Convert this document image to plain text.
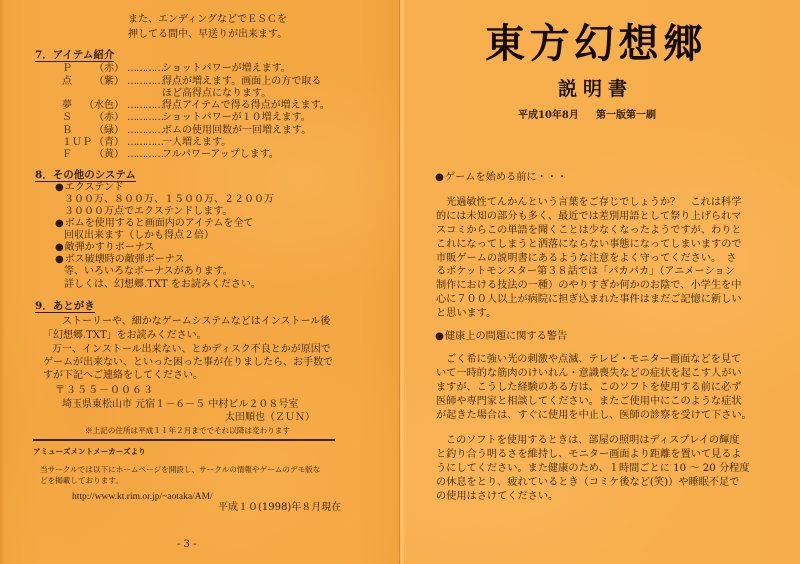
また、エンディングなどでＥＳＣを
押してる間中、早送りが出来ます。
7．アイテム紹介
Ｐ （赤） ………… ショットパワーが増えます。
点 （紫） ………… 得点が増えます。画面上の方で取る
ほど高得点になります。
夢 （水色） ………… 得点アイテムで得る得点が増えます。
Ｓ （赤） ………… ショットパワーが１０増えます。
Ｂ （緑） ………… ボムの使用回数が一回増えます。
１ＵＰ （青） ………… 一人増えます。
Ｆ （黄） ………… フルパワーアップします。
8．その他のシステム
●エクステンド
３００万、８００万、１５００万、２２００万
３０００万点でエクステンドします。
●ボムを使用すると画面内のアイテムを全て
回収出来ます（しかも得点２倍）
●敵弾かすりボーナス
●ボス破壊時の敵弾ボーナス
等、いろいろなボーナスがあります。
詳しくは、幻想郷.TXT をお読みください。
9．あとがき
ストーリーや、細かなゲームシステムなどはインストール後
「幻想郷.TXT」をお読みください。
万一、インストール出来ない、とかディスク不良とかが原因で
ゲームが出来ない、といった困った事が在りましたら、お手数で
すが下記へご連絡をしてください。
〒３５５－００６３
埼玉県東松山市 元宿１－６－５ 中村ビル２０８号室
太田順也（ＺＵＮ）
※上記の住所は平成１１年２月まででそれ以降は変わります
アミューズメントメーカーズより
当サークルでは以下にホームページを開設し、サークルの情報やゲームのデモ版な
どを掲載しております。
http://www.kt.rim.or.jp/~aotaka/AM/
平成１０(1998)年８月現在
- 3 -
東方幻想郷
説明書
平成10年8月 第一版第一刷
●ゲームを始める前に・・・
光過敏性てんかんという言葉をご存じでしょうか？　これは科学
的には未知の部分も多く、最近では差別用語として祭り上げられマ
スコミからこの単語を聞くことは少なくなったようですが、わりと
これになってしまうと洒落にならない事態になってしまいますので
市販ゲームの説明書にあるような注意をよく守ってください。　さ
るポケットモンスター第３８話では「パカパカ」（アニメーション
制作における技法の一種）のやりすぎか何かのお陰で、小学生を中
心に７００人以上が病院に担ぎ込まれた事件はまだご記憶に新しい
と思います。
●健康上の問題に関する警告
ごく希に強い光の刺激や点滅、テレビ・モニター画面などを見て
いて一時的な筋肉のけいれん・意識喪失などの症状を起こす人がい
ますが、こうした経験のある方は、このソフトを使用する前に必ず
医師や専門家と相談してください。またご使用中にこのような症状
が起きた場合は、すぐに使用を中止し、医師の診察を受けて下さい。
このソフトを使用するときは、部屋の照明はディスプレイの輝度
と釣り合う明るさを維持し、モニター画面より距離を置いて見るよ
うにしてください。また健康のため、１時間ごとに 10 ～ 20 分程度
の休息をとり、疲れているとき（コミケ後など(笑)）や睡眠不足で
の使用はさけてください。
